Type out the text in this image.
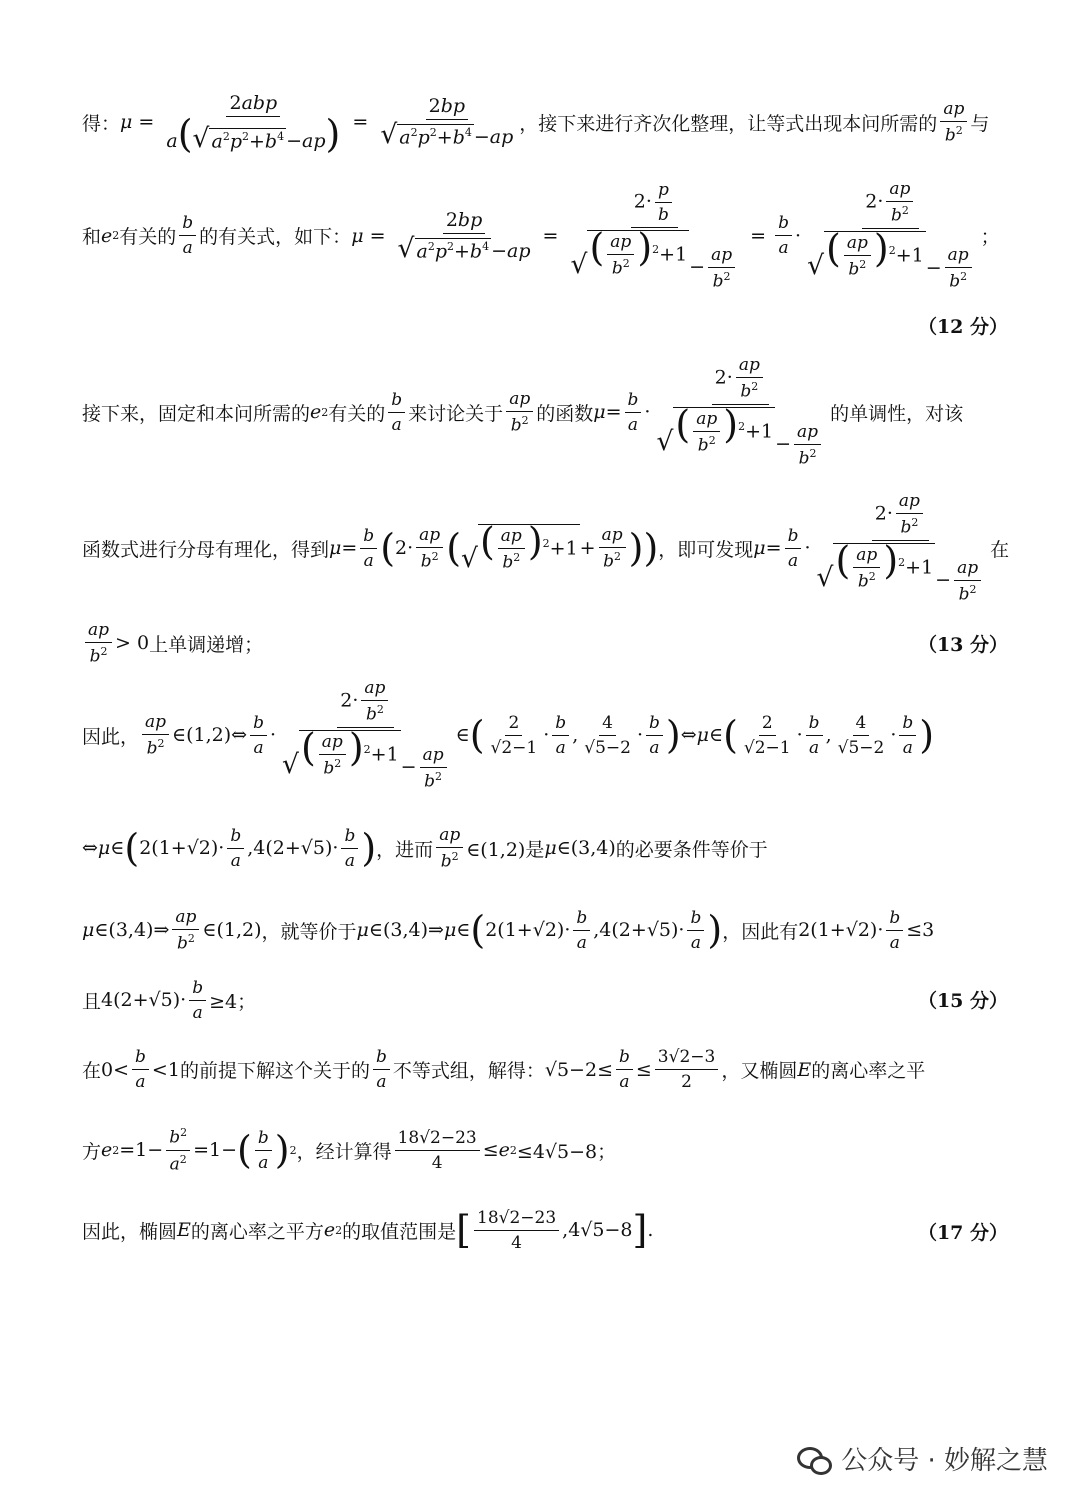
得： $\mu = \frac{\text{2abp}}{a( √ a^2p^2+b^4 -ap)} = \frac{2bp}{√ a^2p^2+b^4 -ap}$ ，接下来进行齐次化整理，让等式出现本问所需的 $\frac{ap}{b^2}$ 与
和 e 2 有关的 $\frac{b}{a}$ 的有关式，如下： $\mu = \frac{2bp}{√ a^2p^2+b^4 -ap} = 2\cdot \frac{p}{b}$
√ ( $\frac{ap}{b^2} )^2+1$
− $\frac{ap}{b^2} = \frac{b}{a} \cdot 2\cdot \frac{ap}{b^2}$
√ ( $\frac{ap}{b^2} )^2+1$
− $\frac{ap}{b^2}$ ；
（12 分）
接下来，固定和本问所需的 e 2 有关的 $\frac{b}{a}$ 来讨论关于 $\frac{ap}{b^2}$ 的函数 $\mu = \frac{b}{a} \cdot 2\cdot \frac{ap}{b^2}$
√ ( $\frac{ap}{b^2} )^2+1$
− $\frac{ap}{b^2}$ 的单调性，对该
函数式进行分母有理化，得到 $\mu = \frac{b}{a}$ ( $2\cdot \frac{ap}{b^2}$ ( √ ( $\frac{ap}{b^2} )^2+1 + \frac{ap}{b^2}$ )) ，即可发现 $\mu = \frac{b}{a} \cdot 2\cdot \frac{ap}{b^2}$
√ ( $\frac{ap}{b^2} )^2+1$
− $\frac{ap}{b^2}$ 在
$\frac{ap}{b^2} > 0$ 上单调递增；	（13 分）
因此， $\frac{ap}{b^2}$ ∈(1,2)⇔ $\frac{b}{a} \cdot 2\cdot \frac{ap}{b^2}$
√ ( $\frac{ap}{b^2} )^2+1$
− $\frac{ap}{b^2}$ ∈ ( $\frac{2}{√2-1} \cdot \frac{b}{a}$ , $\frac{4}{√5-2} \cdot \frac{b}{a}$ ) ⇔ μ ∈ ( $\frac{2}{√2-1} \cdot \frac{b}{a}$ , $\frac{4}{√5-2} \cdot \frac{b}{a}$ )
⇔ μ ∈ ( $2(1+√2)\cdot \frac{b}{a} ,4(2+√5)\cdot \frac{b}{a}$ ) ，进而 $\frac{ap}{b^2}$ ∈(1,2)是 μ ∈(3,4) 的必要条件等价于
μ ∈(3,4)⇒ $\frac{ap}{b^2}$ ∈(1,2) ，就等价于 μ ∈(3,4)⇒ μ ∈ ( $2(1+√2)\cdot \frac{b}{a} ,4(2+√5)\cdot \frac{b}{a}$ ) ，因此有 $2(1+√2)\cdot \frac{b}{a} \le 3$
且 $4(2+√5)\cdot \frac{b}{a} \ge 4$；	（15 分）
在 $0< \frac{b}{a} <1$ 的前提下解这个关于的 $\frac{b}{a}$ 不等式组，解得： $√5-2\le \frac{b}{a} \le \frac{3√2-3}{2}$ ，又椭圆 E 的离心率之平
方 e $2 =1- \frac{b^2}{a^2} =1-$ ( $\frac{b}{a}$ ) 2 ，经计算得 $\frac{18√2-23}{4} \le e$ 2 ≤4√5−8；
因此，椭圆 E 的离心率之平方 e 2 的取值范围是 [ $\frac{18√2-23}{4} ,4√5-8$ ] .	（17 分）
公众号 · 妙解之慧
